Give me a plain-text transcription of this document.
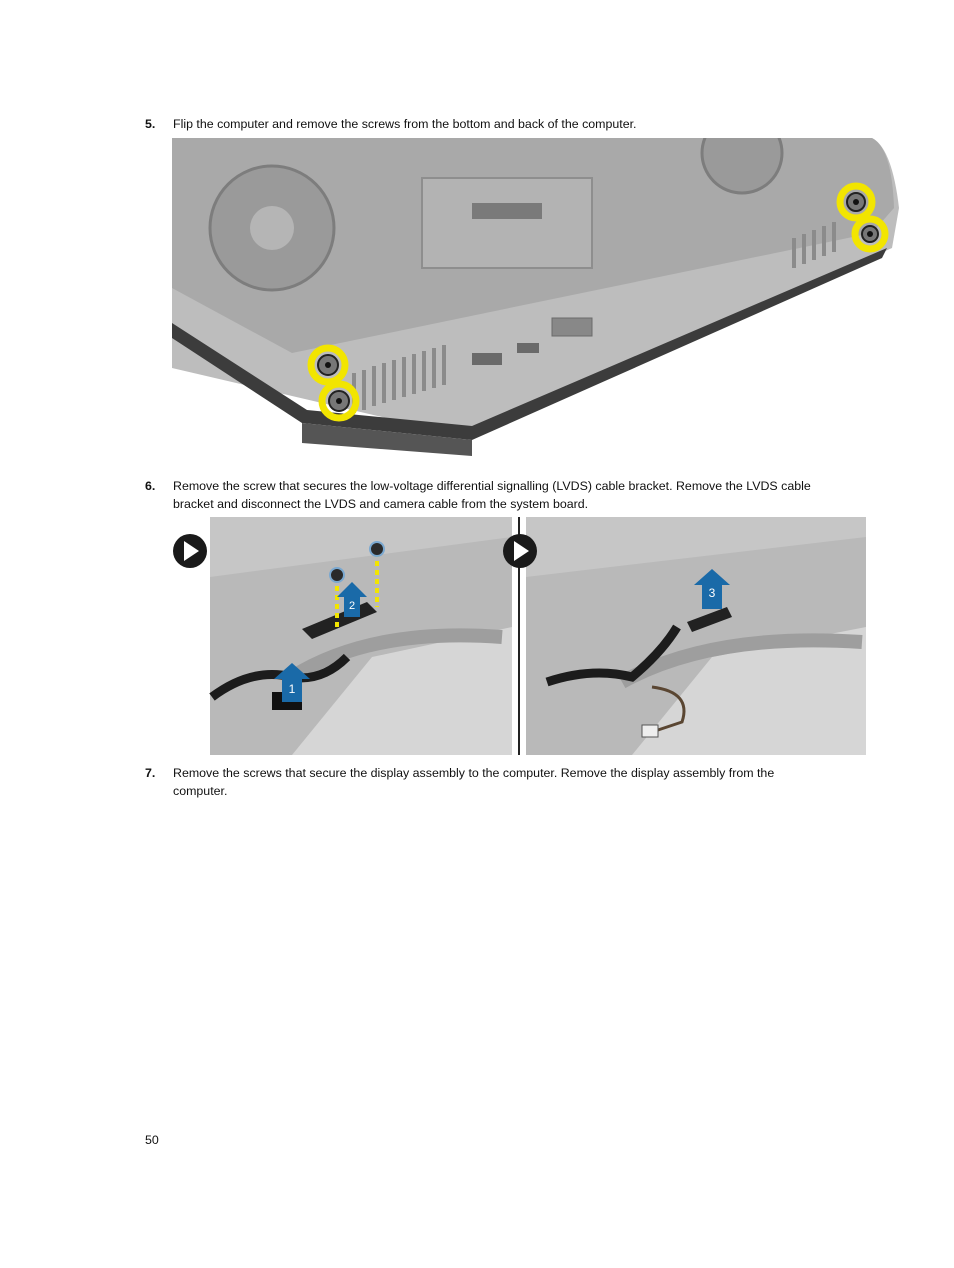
5. Flip the computer and remove the screws from the bottom and back of the computer.
6. Remove the screw that secures the low-voltage differential signalling (LVDS) cable bracket. Remove the LVDS cable bracket and disconnect the LVDS and camera cable from the system board.
2
1
3
7. Remove the screws that secure the display assembly to the computer. Remove the display assembly from the computer.
50
